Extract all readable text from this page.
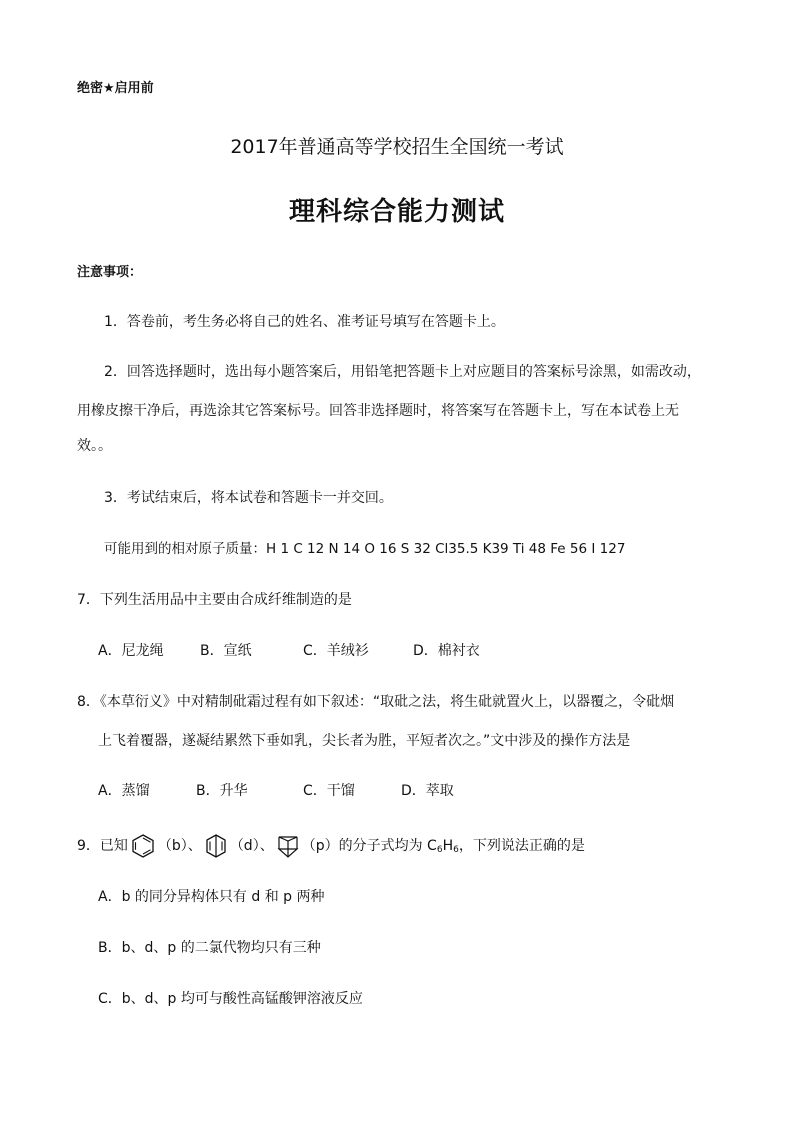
绝密★启用前
2017年普通高等学校招生全国统一考试
理科综合能力测试
注意事项：
1．答卷前，考生务必将自己的姓名、准考证号填写在答题卡上。
2．回答选择题时，选出每小题答案后，用铅笔把答题卡上对应题目的答案标号涂黑，如需改动，
用橡皮擦干净后，再选涂其它答案标号。回答非选择题时，将答案写在答题卡上，写在本试卷上无
效。。
3．考试结束后，将本试卷和答题卡一并交回。
可能用到的相对原子质量：H 1 C 12 N 14 O 16 S 32 Cl35.5 K39 Ti 48 Fe 56 I 127
7．下列生活用品中主要由合成纤维制造的是
A．尼龙绳	B．宣纸	C．羊绒衫	D．棉衬衣
8．《本草衍义》中对精制砒霜过程有如下叙述：“取砒之法，将生砒就置火上，以器覆之，令砒烟
上飞着覆器，遂凝结累然下垂如乳，尖长者为胜，平短者次之。”文中涉及的操作方法是
A．蒸馏	B．升华	C．干馏	D．萃取
9．已知 （b）、 （d）、 （p）的分子式均为 $C_6H_6$，下列说法正确的是
A．b 的同分异构体只有 d 和 p 两种
B．b、d、p 的二氯代物均只有三种
C．b、d、p 均可与酸性高锰酸钾溶液反应
